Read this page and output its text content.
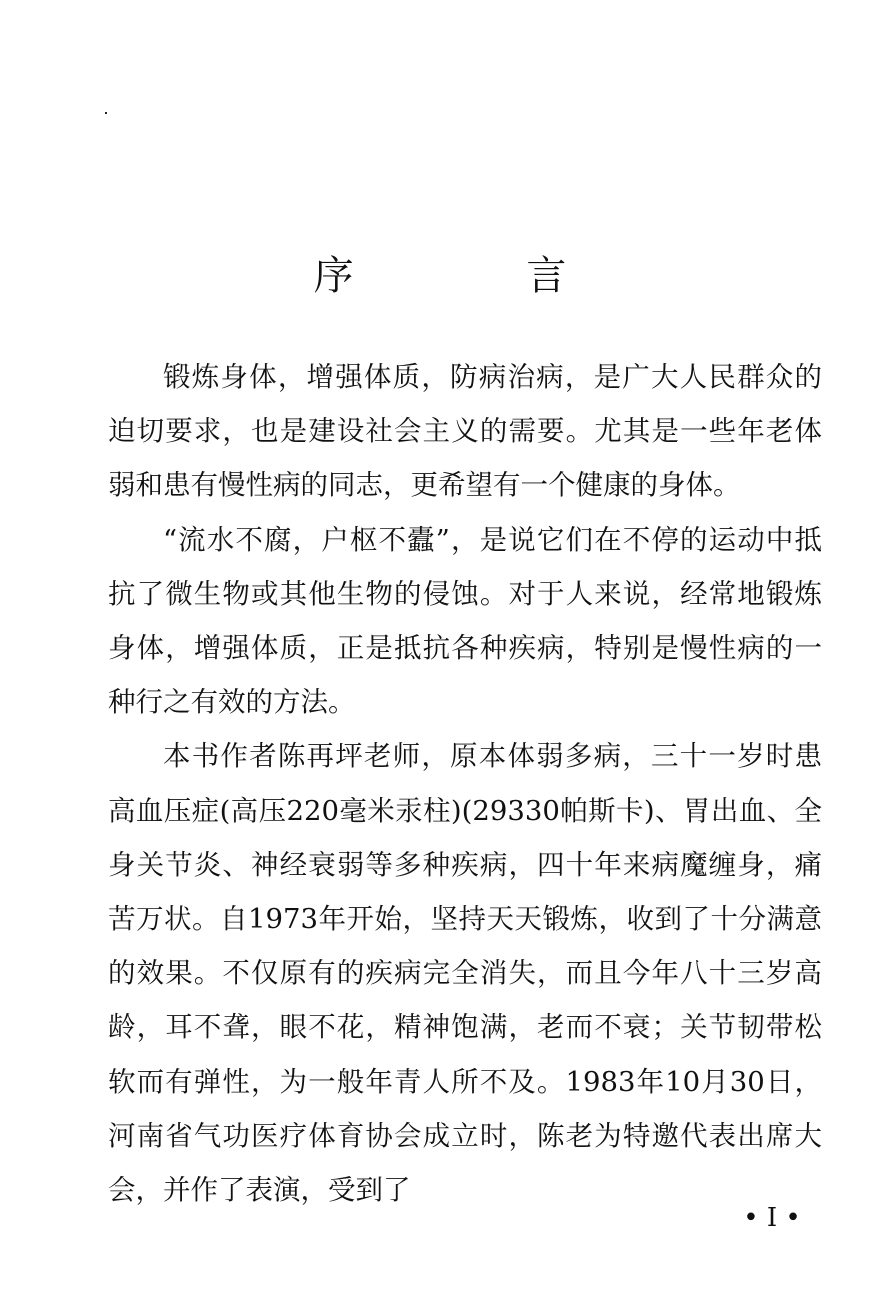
序 言

锻炼身体，增强体质，防病治病，是广大人民群众的迫切要求，也是建设社会主义的需要。尤其是一些年老体弱和患有慢性病的同志，更希望有一个健康的身体。

“流水不腐，户枢不蠹”，是说它们在不停的运动中抵抗了微生物或其他生物的侵蚀。对于人来说，经常地锻炼身体，增强体质，正是抵抗各种疾病，特别是慢性病的一种行之有效的方法。

本书作者陈再坪老师，原本体弱多病，三十一岁时患高血压症(高压220毫米汞柱)(29330帕斯卡)、胃出血、全身关节炎、神经衰弱等多种疾病，四十年来病魔缠身，痛苦万状。自1973年开始，坚持天天锻炼，收到了十分满意的效果。不仅原有的疾病完全消失，而且今年八十三岁高龄，耳不聋，眼不花，精神饱满，老而不衰；关节韧带松软而有弹性，为一般年青人所不及。1983年10月30日，河南省气功医疗体育协会成立时，陈老为特邀代表出席大会，并作了表演，受到了

• I •
